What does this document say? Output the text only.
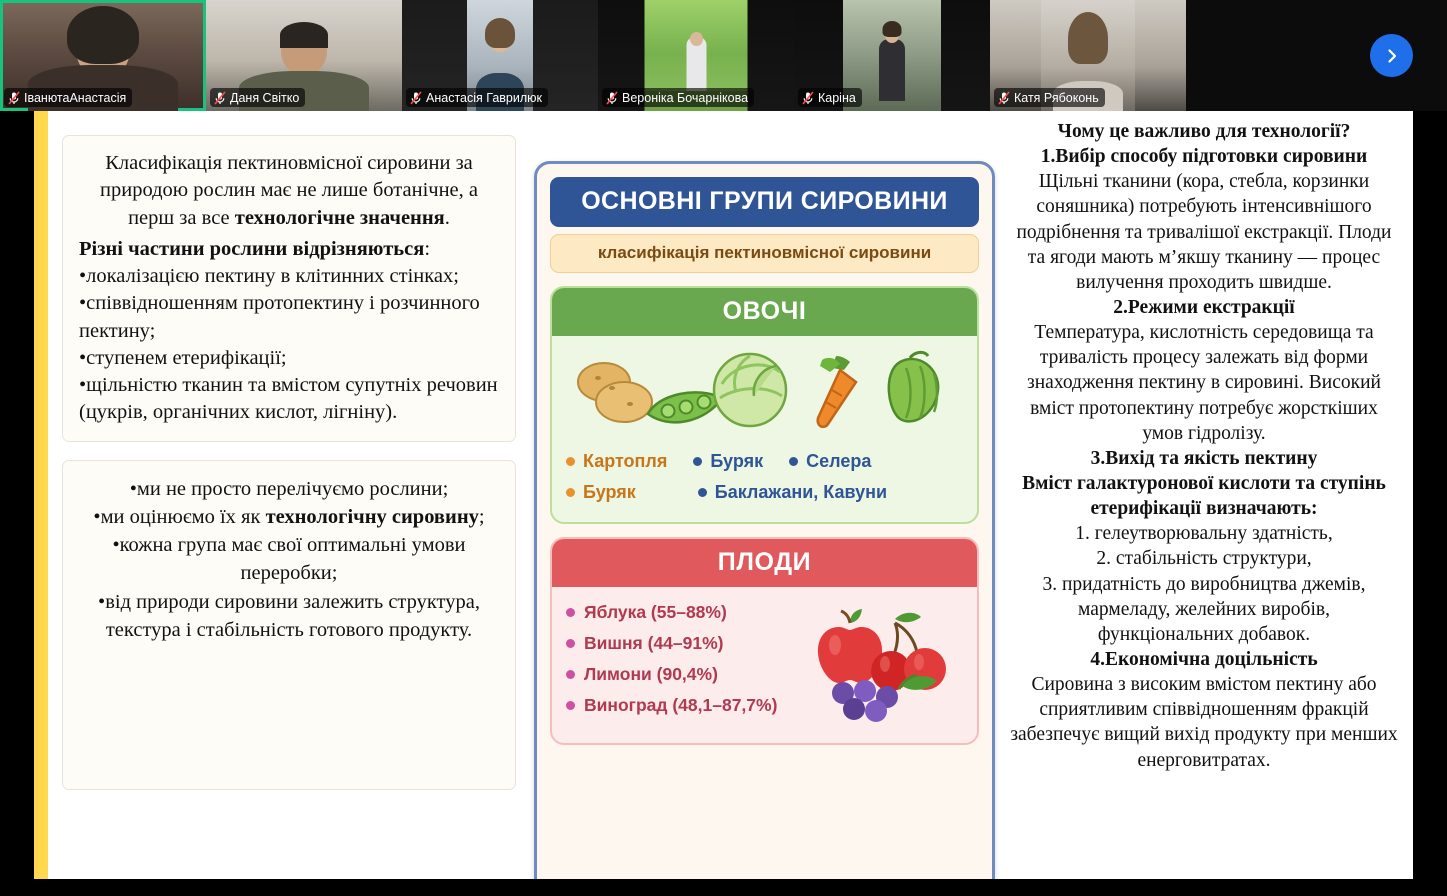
ІванютаАнастасія	Даня Світко	Анастасія Гаврилюк	Вероніка Бочарнікова	Каріна	Катя Рябоконь

Класифікація пектиновмісної сировини за природою рослин має не лише ботанічне, а перш за все технологічне значення.

Різні частини рослини відрізняються:

•локалізацією пектину в клітинних стінках;

•співвідношенням протопектину і розчинного пектину;

•ступенем етерифікації;

•щільністю тканин та вмістом супутніх речовин (цукрів, органічних кислот, лігніну).

•ми не просто перелічуємо рослини;

•ми оцінюємо їх як технологічну сировину;

•кожна група має свої оптимальні умови переробки;

•від природи сировини залежить структура, текстура і стабільність готового продукту.

ОСНОВНІ ГРУПИ СИРОВИНИ
класифікація пектиновмісної сировини
ОВОЧІ
Картопля Буряк Селера
Буряк	Баклажани, Кавуни
ПЛОДИ
Яблука (55–88%)
Вишня (44–91%)
Лимони (90,4%)
Виноград (48,1–87,7%)

Чому це важливо для технології?

1.Вибір способу підготовки сировини

Щільні тканини (кора, стебла, корзинки соняшника) потребують інтенсивнішого подрібнення та тривалішої екстракції. Плоди та ягоди мають м’якшу тканину — процес вилучення проходить швидше.

2.Режими екстракції

Температура, кислотність середовища та тривалість процесу залежать від форми знаходження пектину в сировині. Високий вміст протопектину потребує жорсткіших умов гідролізу.

3.Вихід та якість пектину

Вміст галактуронової кислоти та ступінь етерифікації визначають:

1. гелеутворювальну здатність,

2. стабільність структури,

3. придатність до виробництва джемів, мармеладу, желейних виробів, функціональних добавок.

4.Економічна доцільність

Сировина з високим вмістом пектину або сприятливим співвідношенням фракцій забезпечує вищий вихід продукту при менших енерговитратах.
